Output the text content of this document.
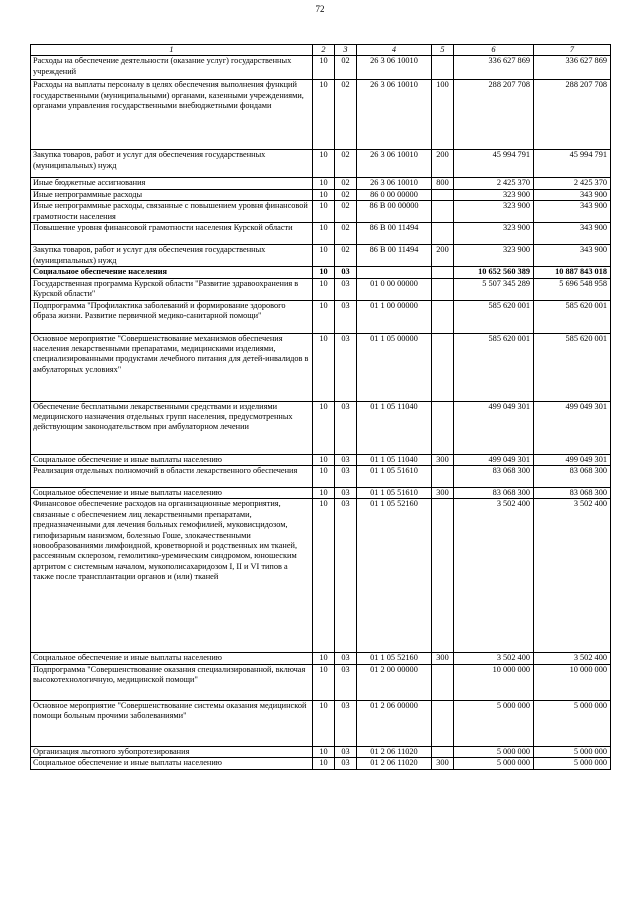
72
1	2	3	4	5	6	7
Расходы на обеспечение деятельности (оказание услуг) государственных учреждений	10	02	26 3 06 10010		336 627 869	336 627 869
Расходы на выплаты персоналу в целях обеспечения выполнения функций государственными (муниципальными) органами, казенными учреждениями, органами управления государственными внебюджетными фондами	10	02	26 3 06 10010	100	288 207 708	288 207 708
Закупка товаров, работ и услуг для обеспечения государственных (муниципальных) нужд	10	02	26 3 06 10010	200	45 994 791	45 994 791
Иные бюджетные ассигнования	10	02	26 3 06 10010	800	2 425 370	2 425 370
Иные непрограммные расходы	10	02	86 0 00 00000		323 900	343 900
Иные непрограммные расходы, связанные с повышением уровня финансовой грамотности населения	10	02	86 В 00 00000		323 900	343 900
Повышение уровня финансовой грамотности населения Курской области	10	02	86 В 00 11494		323 900	343 900
Закупка товаров, работ и услуг для обеспечения государственных (муниципальных) нужд	10	02	86 В 00 11494	200	323 900	343 900
Социальное обеспечение населения	10	03			10 652 560 389	10 887 843 018
Государственная программа Курской области "Развитие здравоохранения в Курской области"	10	03	01 0 00 00000		5 507 345 289	5 696 548 958
Подпрограмма "Профилактика заболеваний и формирование здорового образа жизни. Развитие первичной медико-санитарной помощи"	10	03	01 1 00 00000		585 620 001	585 620 001
Основное мероприятие "Совершенствование механизмов обеспечения населения лекарственными препаратами, медицинскими изделиями, специализированными продуктами лечебного питания для детей-инвалидов в амбулаторных условиях"	10	03	01 1 05 00000		585 620 001	585 620 001
Обеспечение бесплатными лекарственными средствами и изделиями медицинского назначения отдельных групп населения, предусмотренных действующим законодательством при амбулаторном лечении	10	03	01 1 05 11040		499 049 301	499 049 301
Социальное обеспечение и иные выплаты населению	10	03	01 1 05 11040	300	499 049 301	499 049 301
Реализация отдельных полномочий в области лекарственного обеспечения	10	03	01 1 05 51610		83 068 300	83 068 300
Социальное обеспечение и иные выплаты населению	10	03	01 1 05 51610	300	83 068 300	83 068 300
Финансовое обеспечение расходов на организационные мероприятия, связанные с обеспечением лиц лекарственными препаратами, предназначенными для лечения больных гемофилией, муковисцидозом, гипофизарным нанизмом, болезнью Гоше, злокачественными новообразованиями лимфоидной, кроветворной и родственных им тканей, рассеянным склерозом, гемолитико-уремическим синдромом, юношеским артритом с системным началом, мукополисахаридозом I, II и VI типов а также после трансплантации органов и (или) тканей	10	03	01 1 05 52160		3 502 400	3 502 400
Социальное обеспечение и иные выплаты населению	10	03	01 1 05 52160	300	3 502 400	3 502 400
Подпрограмма "Совершенствование оказания специализированной, включая высокотехнологичную, медицинской помощи"	10	03	01 2 00 00000		10 000 000	10 000 000
Основное мероприятие "Совершенствование системы оказания медицинской помощи больным прочими заболеваниями"	10	03	01 2 06 00000		5 000 000	5 000 000
Организация льготного зубопротезирования	10	03	01 2 06 11020		5 000 000	5 000 000
Социальное обеспечение и иные выплаты населению	10	03	01 2 06 11020	300	5 000 000	5 000 000
